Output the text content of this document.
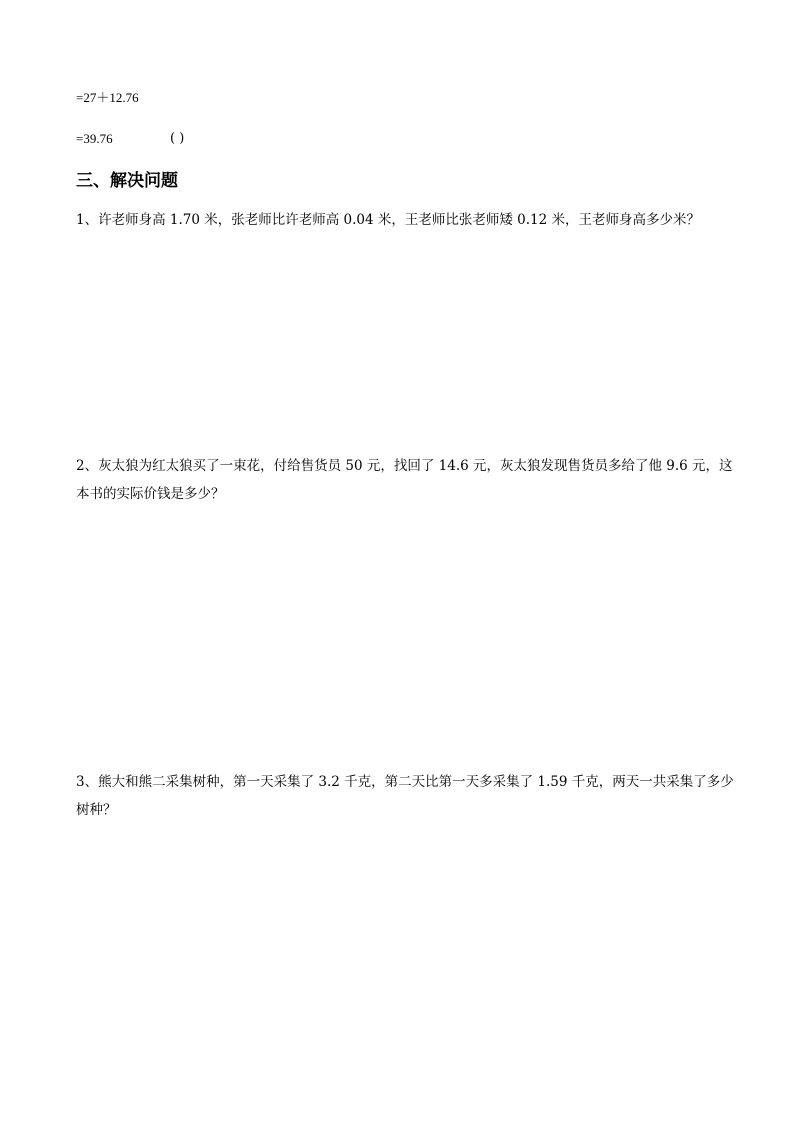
=27＋12.76
=39.76	( )
三、解决问题
1、许老师身高 1.70 米，张老师比许老师高 0.04 米，王老师比张老师矮 0.12 米，王老师身高多少米？
2、灰太狼为红太狼买了一束花，付给售货员 50 元，找回了 14.6 元，灰太狼发现售货员多给了他 9.6 元，这本书的实际价钱是多少？
3、熊大和熊二采集树种，第一天采集了 3.2 千克，第二天比第一天多采集了 1.59 千克，两天一共采集了多少树种？
